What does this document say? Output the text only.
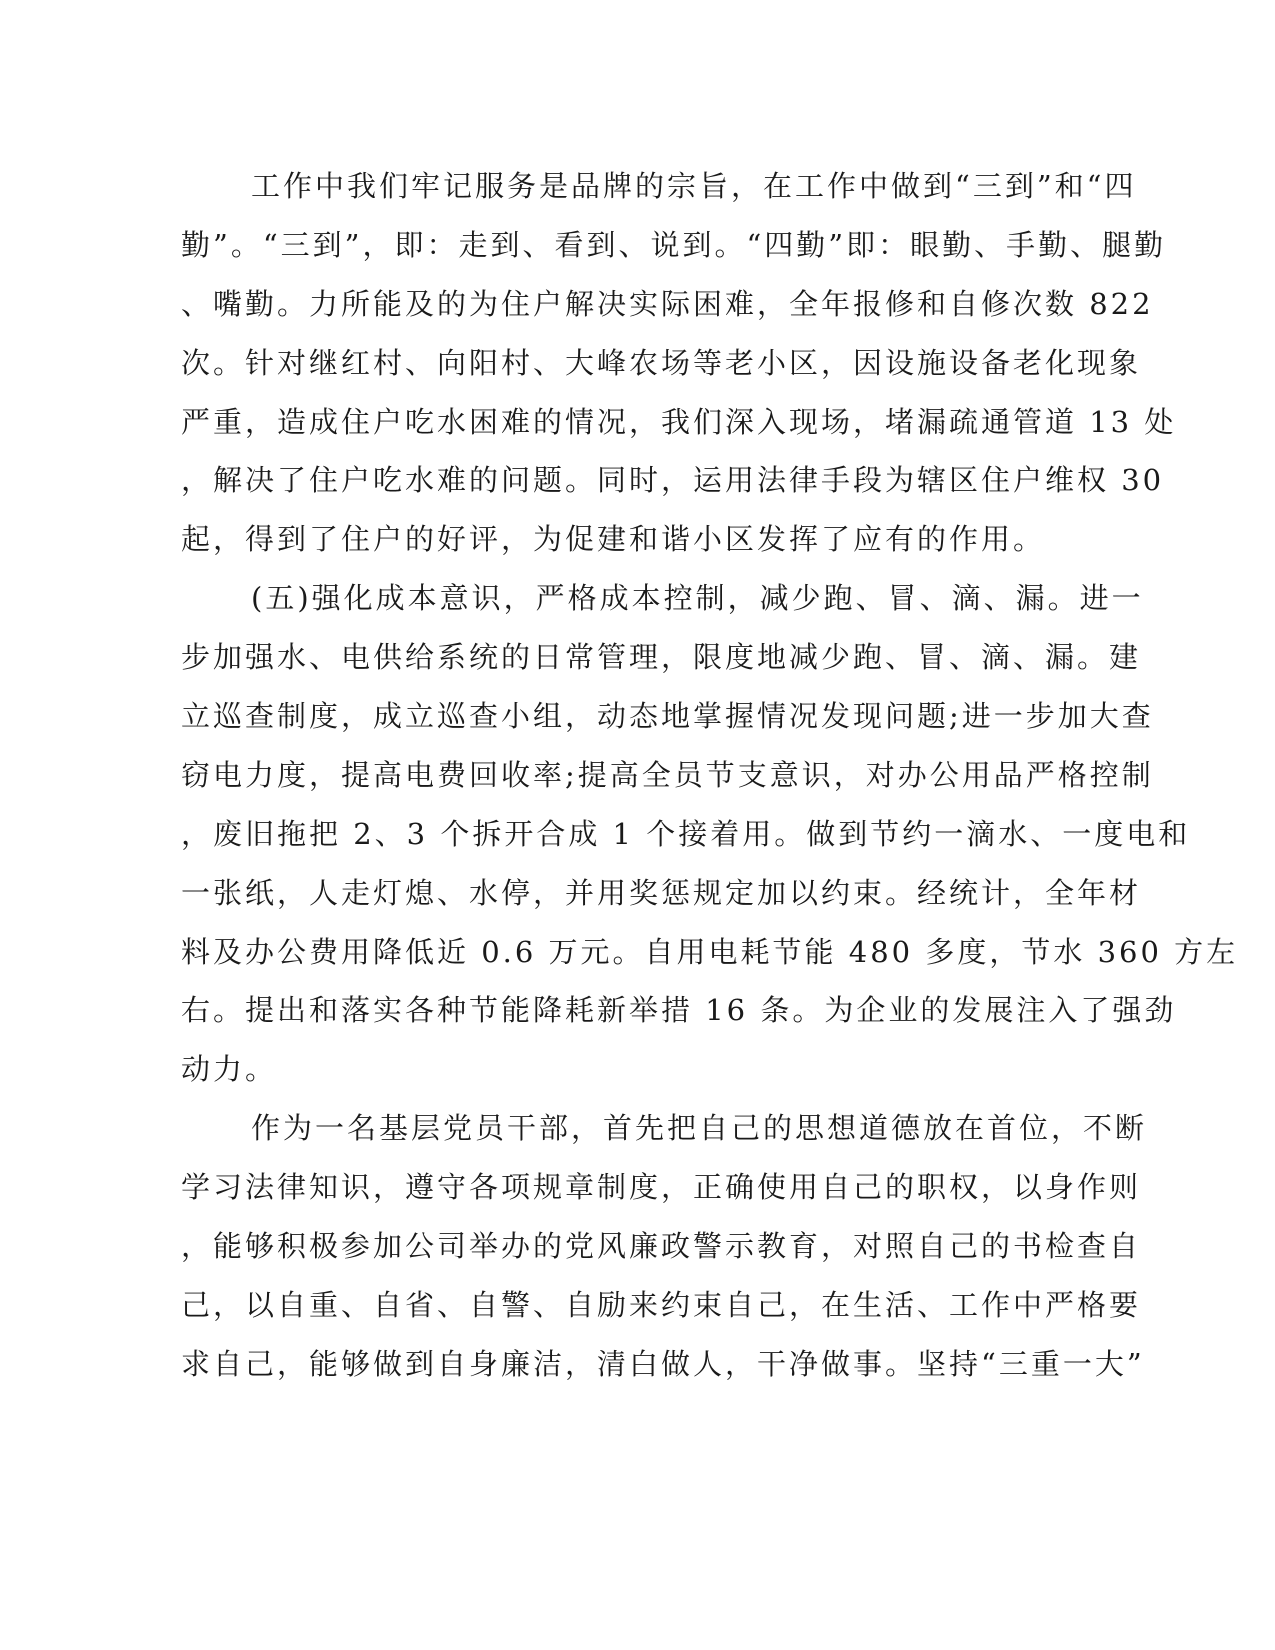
工作中我们牢记服务是品牌的宗旨，在工作中做到“三到”和“四
勤”。“三到”，即：走到、看到、说到。“四勤”即：眼勤、手勤、腿勤
、嘴勤。力所能及的为住户解决实际困难，全年报修和自修次数 822
次。针对继红村、向阳村、大峰农场等老小区，因设施设备老化现象
严重，造成住户吃水困难的情况，我们深入现场，堵漏疏通管道 13 处
，解决了住户吃水难的问题。同时，运用法律手段为辖区住户维权 30
起，得到了住户的好评，为促建和谐小区发挥了应有的作用。
(五)强化成本意识，严格成本控制，减少跑、冒、滴、漏。进一
步加强水、电供给系统的日常管理，限度地减少跑、冒、滴、漏。建
立巡查制度，成立巡查小组，动态地掌握情况发现问题;进一步加大查
窃电力度，提高电费回收率;提高全员节支意识，对办公用品严格控制
，废旧拖把 2、3 个拆开合成 1 个接着用。做到节约一滴水、一度电和
一张纸，人走灯熄、水停，并用奖惩规定加以约束。经统计，全年材
料及办公费用降低近 0.6 万元。自用电耗节能 480 多度，节水 360 方左
右。提出和落实各种节能降耗新举措 16 条。为企业的发展注入了强劲
动力。
作为一名基层党员干部，首先把自己的思想道德放在首位，不断
学习法律知识，遵守各项规章制度，正确使用自己的职权，以身作则
，能够积极参加公司举办的党风廉政警示教育，对照自己的书检查自
己，以自重、自省、自警、自励来约束自己，在生活、工作中严格要
求自己，能够做到自身廉洁，清白做人，干净做事。坚持“三重一大”
